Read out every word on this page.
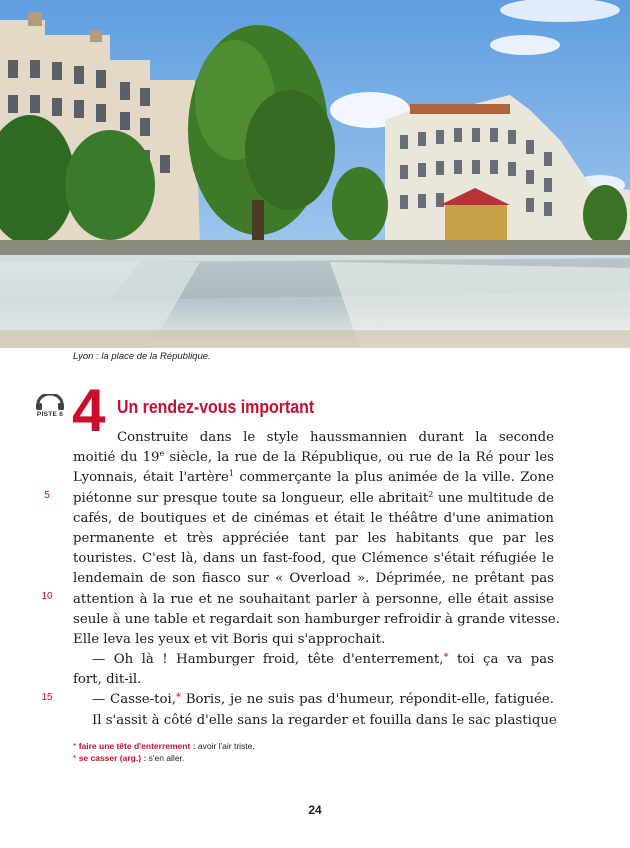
Lyon : la place de la République.
PISTE 6 4 Un rendez-vous important
Construite dans le style haussmannien durant la seconde
moitié du 19e siècle, la rue de la République, ou rue de la Ré pour les
Lyonnais, était l'artère$^1$ commerçante la plus animée de la ville. Zone
piétonne sur presque toute sa longueur, elle abritait$^2$ une multitude de
cafés, de boutiques et de cinémas et était le théâtre d'une animation
permanente et très appréciée tant par les habitants que par les
touristes. C'est là, dans un fast-food, que Clémence s'était réfugiée le
lendemain de son fiasco sur « Overload ». Déprimée, ne prêtant pas
attention à la rue et ne souhaitant parler à personne, elle était assise
seule à une table et regardait son hamburger refroidir à grande vitesse.
Elle leva les yeux et vit Boris qui s'approchait.
— Oh là ! Hamburger froid, tête d'enterrement,* toi ça va pas
fort, dit-il.
— Casse-toi,* Boris, je ne suis pas d'humeur, répondit-elle, fatiguée.
Il s'assit à côté d'elle sans la regarder et fouilla dans le sac plastique
5
10
15
* faire une tête d'enterrement : avoir l'air triste.
* se casser (arg.) : s'en aller.
24
